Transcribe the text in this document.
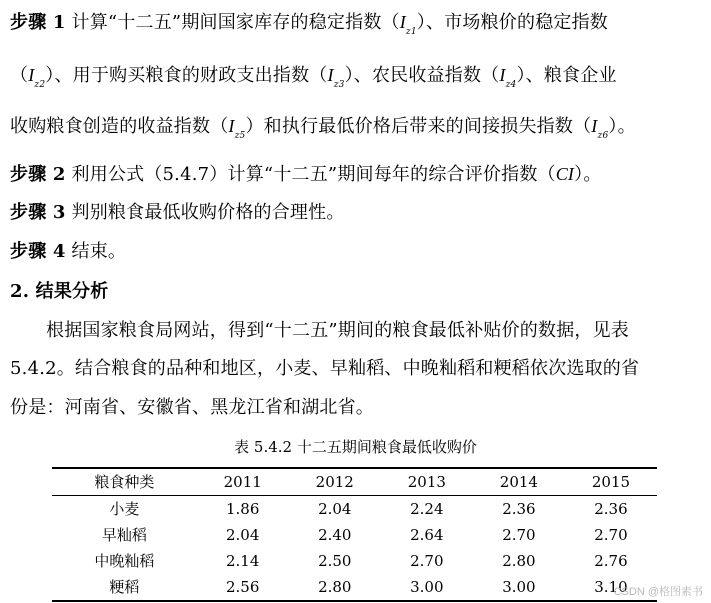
步骤 1 计算“十二五”期间国家库存的稳定指数$(I_{z1})$、市场粮价的稳定指数
$(I_{z2})$、用于购买粮食的财政支出指数$(I_{z3})$、农民收益指数$(I_{z4})$、粮食企业
收购粮食创造的收益指数$(I_{z5})$和执行最低价格后带来的间接损失指数$(I_{z6})$。
步骤 2 利用公式（5.4.7）计算“十二五”期间每年的综合评价指数（CI）。
步骤 3 判别粮食最低收购价格的合理性。
步骤 4 结束。
2. 结果分析
根据国家粮食局网站，得到“十二五”期间的粮食最低补贴价的数据，见表
5.4.2。结合粮食的品种和地区，小麦、早籼稻、中晚籼稻和粳稻依次选取的省
份是：河南省、安徽省、黑龙江省和湖北省。
表 5.4.2 十二五期间粮食最低收购价
粮食种类	2011	2012	2013	2014	2015
小麦	1.86	2.04	2.24	2.36	2.36
早籼稻	2.04	2.40	2.64	2.70	2.70
中晚籼稻	2.14	2.50	2.70	2.80	2.76
粳稻	2.56	2.80	3.00	3.00	3.10
CSDN @格图素书
